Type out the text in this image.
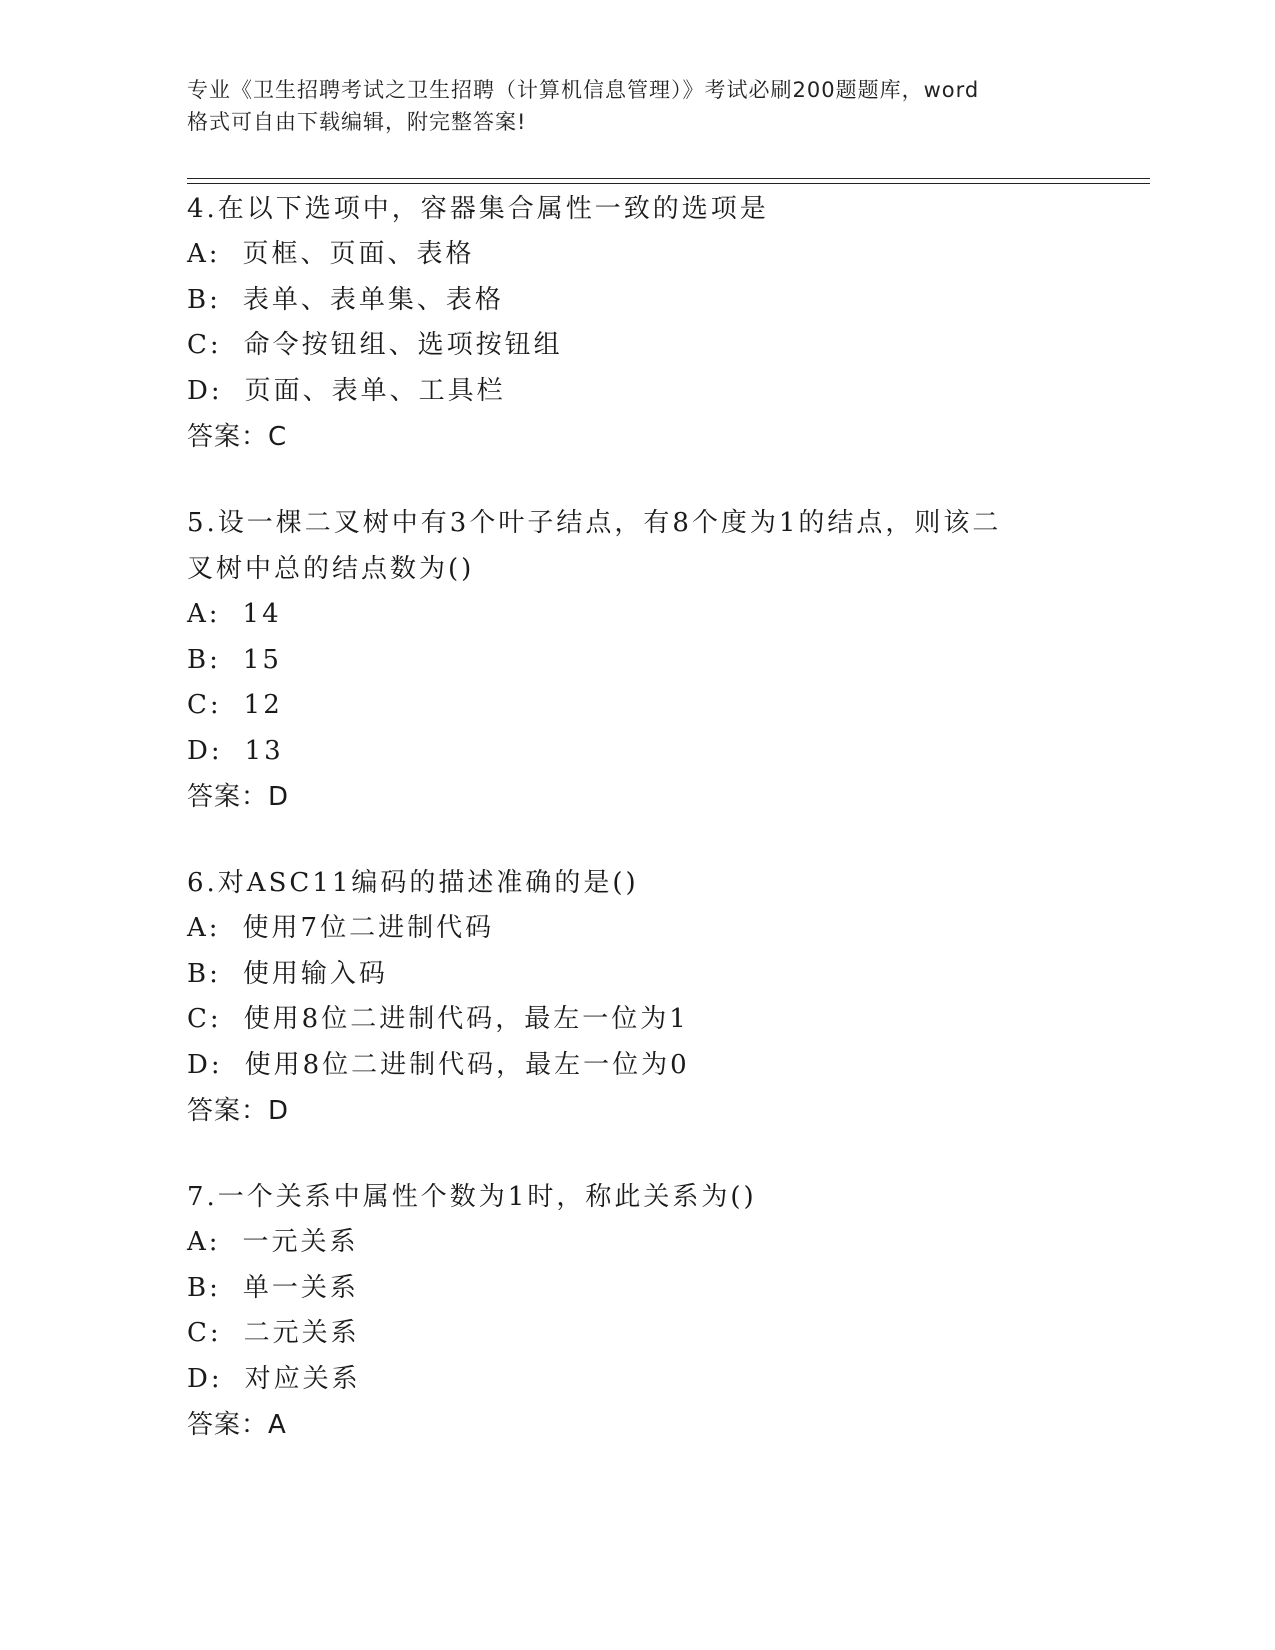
专业《卫生招聘考试之卫生招聘（计算机信息管理）》考试必刷200题题库，word
格式可自由下载编辑，附完整答案!

4.在以下选项中，容器集合属性一致的选项是

A: 页框、页面、表格

B: 表单、表单集、表格

C: 命令按钮组、选项按钮组

D: 页面、表单、工具栏

答案：C

5.设一棵二叉树中有3个叶子结点，有8个度为1的结点，则该二叉树中总的结点数为()

A: 14

B: 15

C: 12

D: 13

答案：D

6.对ASC11编码的描述准确的是()

A: 使用7位二进制代码

B: 使用输入码

C: 使用8位二进制代码，最左一位为1

D: 使用8位二进制代码，最左一位为0

答案：D

7.一个关系中属性个数为1时，称此关系为()

A: 一元关系

B: 单一关系

C: 二元关系

D: 对应关系

答案：A
